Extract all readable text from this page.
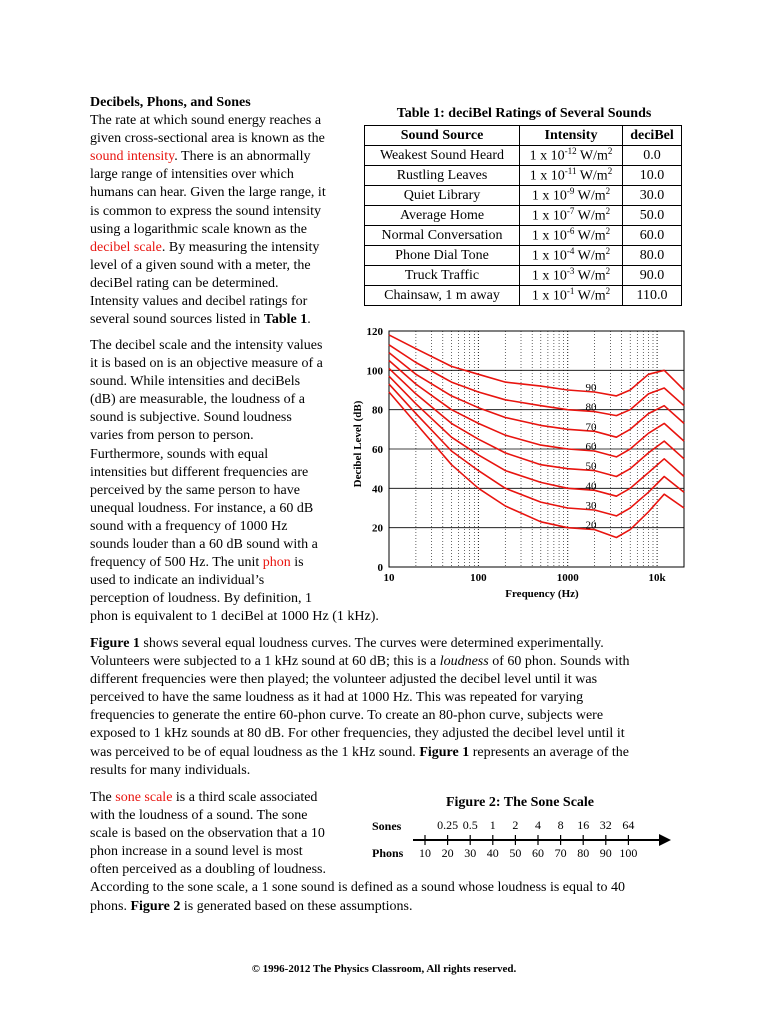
Decibels, Phons, and Sones
The rate at which sound energy reaches a
given cross-sectional area is known as the
sound intensity. There is an abnormally
large range of intensities over which
humans can hear. Given the large range, it
is common to express the sound intensity
using a logarithmic scale known as the
decibel scale. By measuring the intensity
level of a given sound with a meter, the
deciBel rating can be determined.
Intensity values and decibel ratings for
several sound sources listed in Table 1.
Table 1: deciBel Ratings of Several Sounds
Sound Source	Intensity	deciBel
Weakest Sound Heard	1 x $10^{-12}$ $W/m^2$	0.0
Rustling Leaves	1 x $10^{-11}$ $W/m^2$	10.0
Quiet Library	1 x $10^{-9}$ $W/m^2$	30.0
Average Home	1 x $10^{-7}$ $W/m^2$	50.0
Normal Conversation	1 x $10^{-6}$ $W/m^2$	60.0
Phone Dial Tone	1 x $10^{-4}$ $W/m^2$	80.0
Truck Traffic	1 x $10^{-3}$ $W/m^2$	90.0
Chainsaw, 1 m away	1 x $10^{-1}$ $W/m^2$	110.0
The decibel scale and the intensity values
it is based on is an objective measure of a
sound. While intensities and deciBels
(dB) are measurable, the loudness of a
sound is subjective. Sound loudness
varies from person to person.
Furthermore, sounds with equal
intensities but different frequencies are
perceived by the same person to have
unequal loudness. For instance, a 60 dB
sound with a frequency of 1000 Hz
sounds louder than a 60 dB sound with a
frequency of 500 Hz. The unit phon is
used to indicate an individual’s
perception of loudness. By definition, 1
phon is equivalent to 1 deciBel at 1000 Hz (1 kHz).
Decibel Level (dB)
Frequency (Hz)
0
20
40
60
80
100
120
10	100	1000	10k
90
80
70
60
50
40
30
20
Figure 1 shows several equal loudness curves. The curves were determined experimentally.
Volunteers were subjected to a 1 kHz sound at 60 dB; this is a loudness of 60 phon. Sounds with
different frequencies were then played; the volunteer adjusted the decibel level until it was
perceived to have the same loudness as it had at 1000 Hz. This was repeated for varying
frequencies to generate the entire 60-phon curve. To create an 80-phon curve, subjects were
exposed to 1 kHz sounds at 80 dB. For other frequencies, they adjusted the decibel level until it
was perceived to be of equal loudness as the 1 kHz sound. Figure 1 represents an average of the
results for many individuals.
The sone scale is a third scale associated
with the loudness of a sound. The sone
scale is based on the observation that a 10
phon increase in a sound level is most
often perceived as a doubling of loudness.
According to the sone scale, a 1 sone sound is defined as a sound whose loudness is equal to 40
phons. Figure 2 is generated based on these assumptions.
Figure 2: The Sone Scale
Sones
Phons 10 20 30 40 50 60 70 80 90 100
0.25 0.5 1 2 4 8 16 32 64
© 1996-2012 The Physics Classroom, All rights reserved.
